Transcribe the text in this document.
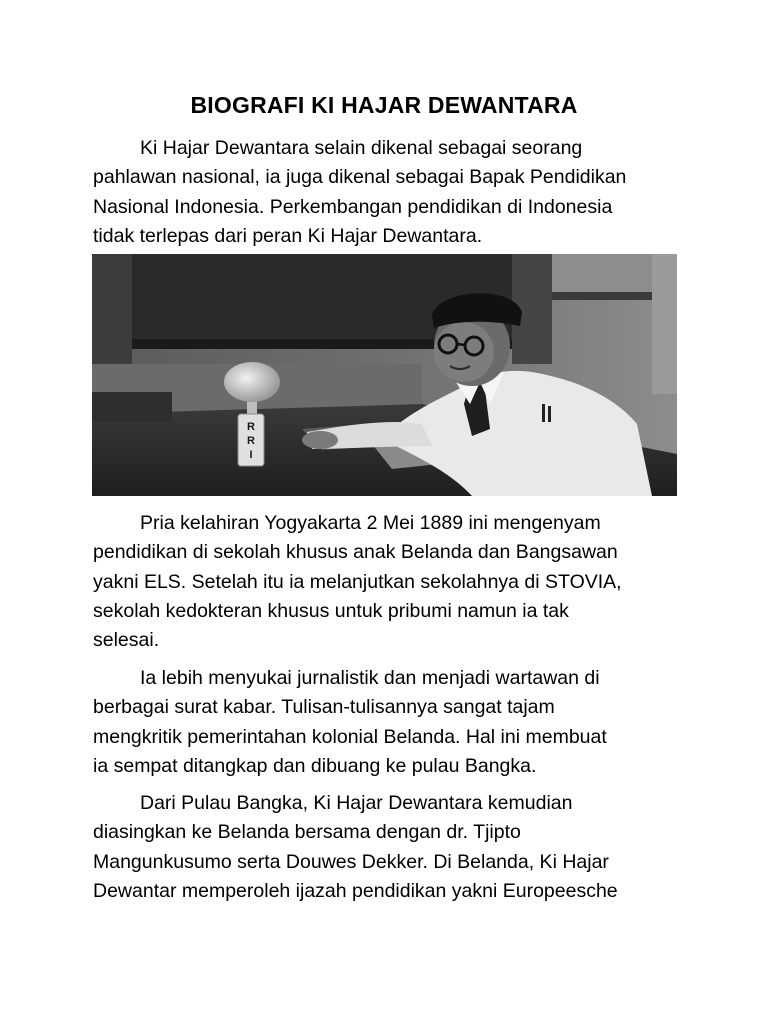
BIOGRAFI KI HAJAR DEWANTARA

Ki Hajar Dewantara selain dikenal sebagai seorang
pahlawan nasional, ia juga dikenal sebagai Bapak Pendidikan
Nasional Indonesia. Perkembangan pendidikan di Indonesia
tidak terlepas dari peran Ki Hajar Dewantara.

R
R
I

Pria kelahiran Yogyakarta 2 Mei 1889 ini mengenyam
pendidikan di sekolah khusus anak Belanda dan Bangsawan
yakni ELS. Setelah itu ia melanjutkan sekolahnya di STOVIA,
sekolah kedokteran khusus untuk pribumi namun ia tak
selesai.

Ia lebih menyukai jurnalistik dan menjadi wartawan di
berbagai surat kabar. Tulisan-tulisannya sangat tajam
mengkritik pemerintahan kolonial Belanda. Hal ini membuat
ia sempat ditangkap dan dibuang ke pulau Bangka.

Dari Pulau Bangka, Ki Hajar Dewantara kemudian
diasingkan ke Belanda bersama dengan dr. Tjipto
Mangunkusumo serta Douwes Dekker. Di Belanda, Ki Hajar
Dewantar memperoleh ijazah pendidikan yakni Europeesche
